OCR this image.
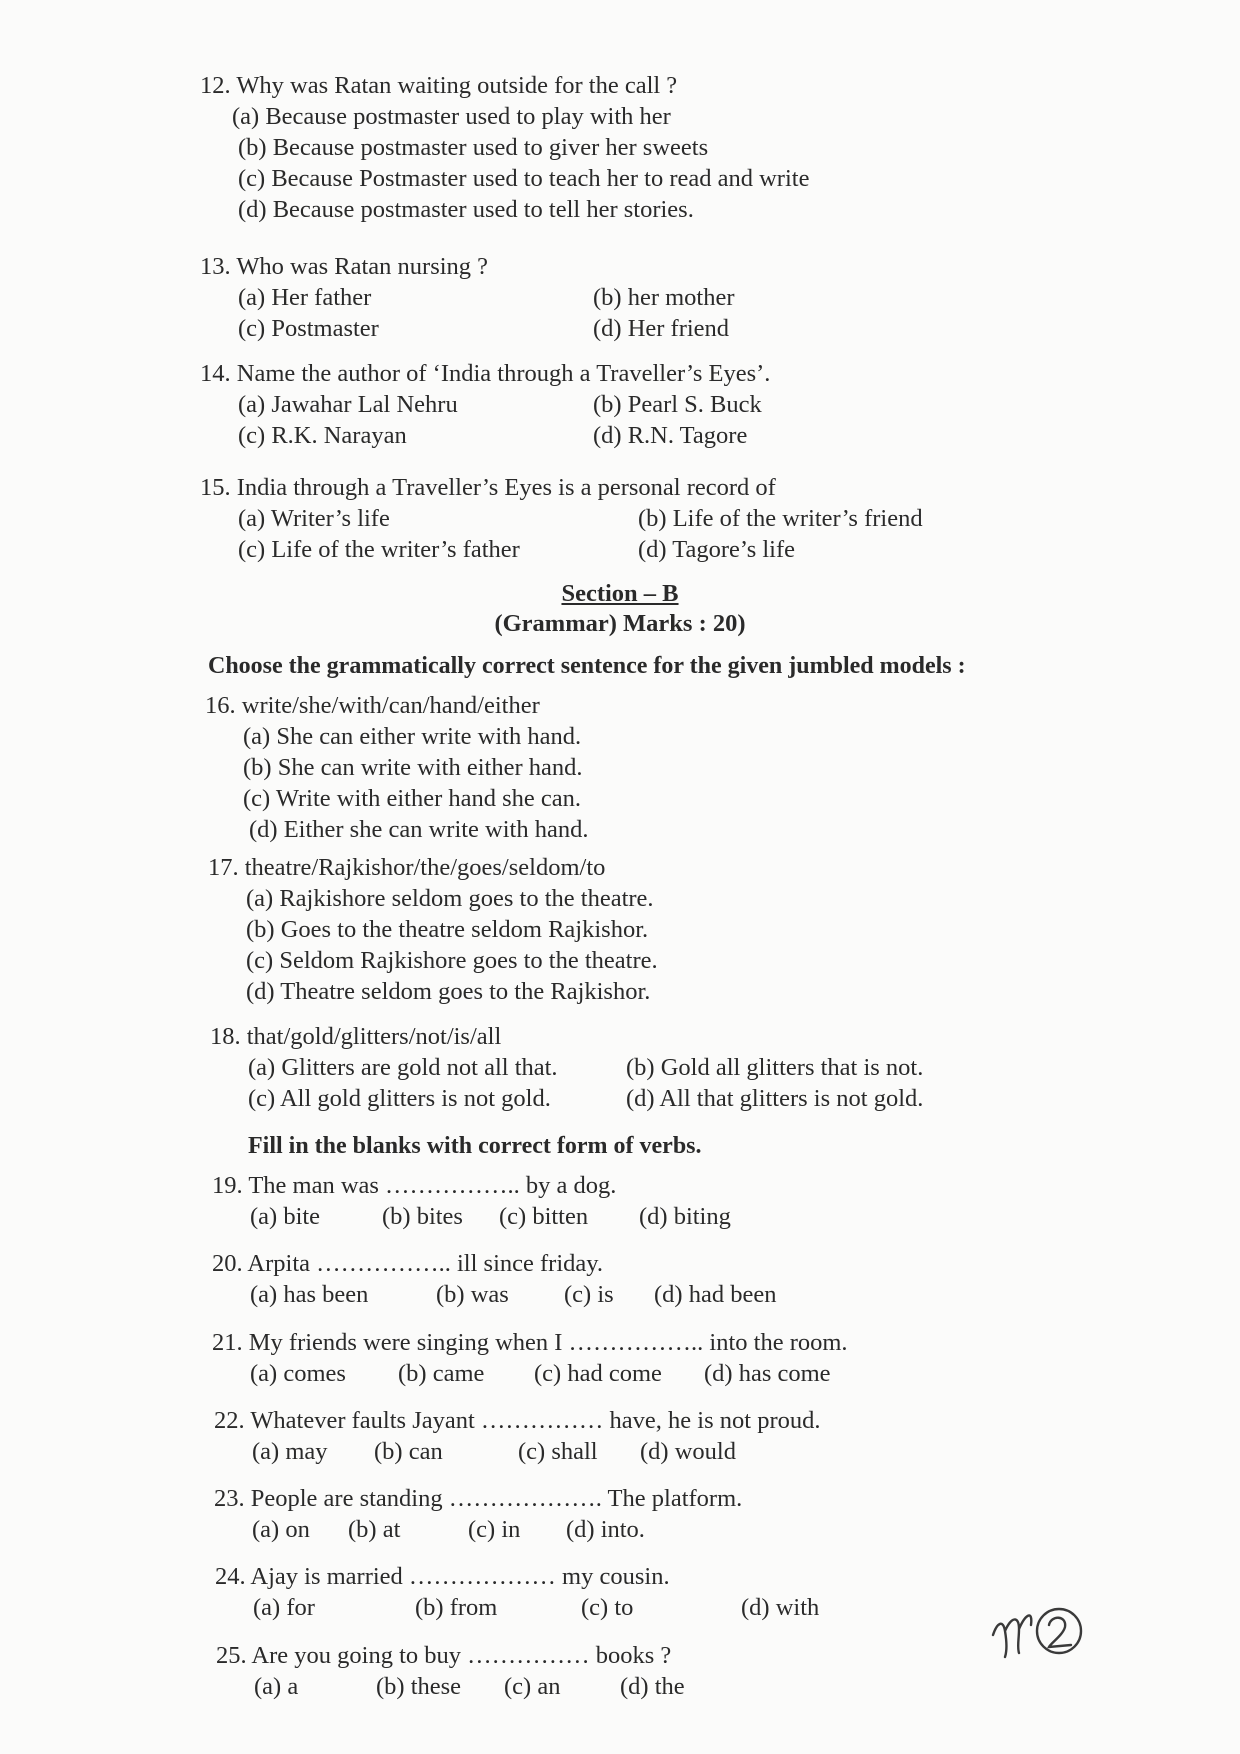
12. Why was Ratan waiting outside for the call ?
(a) Because postmaster used to play with her
(b) Because postmaster used to giver her sweets
(c) Because Postmaster used to teach her to read and write
(d) Because postmaster used to tell her stories.
13. Who was Ratan nursing ?
(a) Her father	(b) her mother
(c) Postmaster	(d) Her friend
14. Name the author of ‘India through a Traveller’s Eyes’.
(a) Jawahar Lal Nehru	(b) Pearl S. Buck
(c) R.K. Narayan	(d) R.N. Tagore
15. India through a Traveller’s Eyes is a personal record of
(a) Writer’s life	(b) Life of the writer’s friend
(c) Life of the writer’s father	(d) Tagore’s life
Section – B
(Grammar) Marks : 20)
Choose the grammatically correct sentence for the given jumbled models :
16. write/she/with/can/hand/either
(a) She can either write with hand.
(b) She can write with either hand.
(c) Write with either hand she can.
(d) Either she can write with hand.
17. theatre/Rajkishor/the/goes/seldom/to
(a) Rajkishore seldom goes to the theatre.
(b) Goes to the theatre seldom Rajkishor.
(c) Seldom Rajkishore goes to the theatre.
(d) Theatre seldom goes to the Rajkishor.
18. that/gold/glitters/not/is/all
(a) Glitters are gold not all that.	(b) Gold all glitters that is not.
(c) All gold glitters is not gold.	(d) All that glitters is not gold.
Fill in the blanks with correct form of verbs.
19. The man was …………….. by a dog.
(a) bite	(b) bites (c) bitten (d) biting
20. Arpita …………….. ill since friday.
(a) has been	(b) was (c) is (d) had been
21. My friends were singing when I …………….. into the room.
(a) comes (b) came (c) had come (d) has come
22. Whatever faults Jayant …………… have, he is not proud.
(a) may (b) can	(c) shall (d) would
23. People are standing ………………. The platform.
(a) on (b) at	(c) in (d) into.
24. Ajay is married ……………… my cousin.
(a) for	(b) from	(c) to	(d) with
25. Are you going to buy …………… books ?
(a) a	(b) these (c) an (d) the
